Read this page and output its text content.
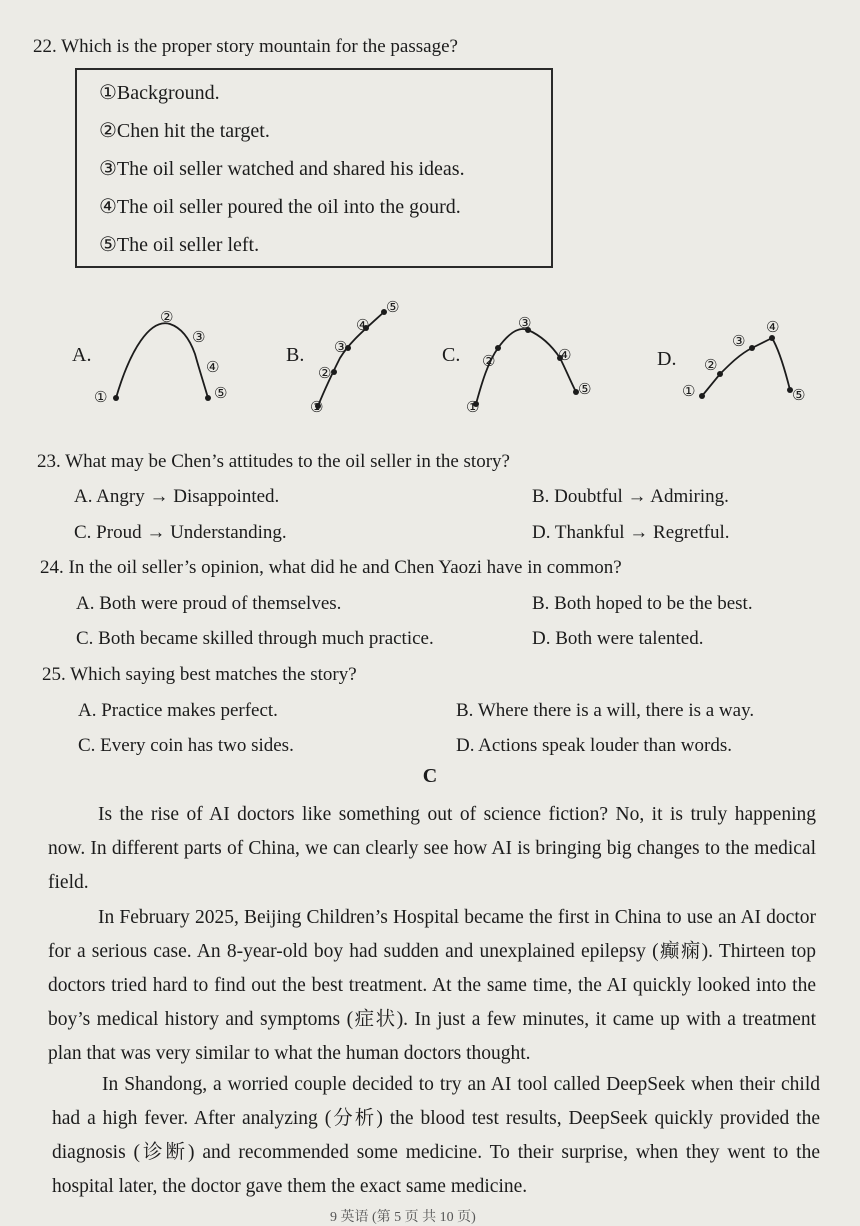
22. Which is the proper story mountain for the passage?
①Background.
②Chen hit the target.
③The oil seller watched and shared his ideas.
④The oil seller poured the oil into the gourd.
⑤The oil seller left.
A.	B.	C.	D.
①
②
③
④
⑤
①
②
③
④
⑤
①
②
③
④
⑤	①
②
③
④
⑤
23. What may be Chen’s attitudes to the oil seller in the story?
A. Angry → Disappointed.	B. Doubtful → Admiring.
C. Proud → Understanding.	D. Thankful → Regretful.
24. In the oil seller’s opinion, what did he and Chen Yaozi have in common?
A. Both were proud of themselves.	B. Both hoped to be the best.
C. Both became skilled through much practice.	D. Both were talented.
25. Which saying best matches the story?
A. Practice makes perfect.	B. Where there is a will, there is a way.
C. Every coin has two sides.	D. Actions speak louder than words.
C
Is the rise of AI doctors like something out of science fiction? No, it is truly happening now. In different parts of China, we can clearly see how AI is bringing big changes to the medical field.
In February 2025, Beijing Children’s Hospital became the first in China to use an AI doctor for a serious case. An 8-year-old boy had sudden and unexplained epilepsy (癫痫). Thirteen top doctors tried hard to find out the best treatment. At the same time, the AI quickly looked into the boy’s medical history and symptoms (症状). In just a few minutes, it came up with a treatment plan that was very similar to what the human doctors thought.
In Shandong, a worried couple decided to try an AI tool called DeepSeek when their child had a high fever. After analyzing (分析) the blood test results, DeepSeek quickly provided the diagnosis (诊断) and recommended some medicine. To their surprise, when they went to the hospital later, the doctor gave them the exact same medicine.
9 英语 (第 5 页 共 10 页)
